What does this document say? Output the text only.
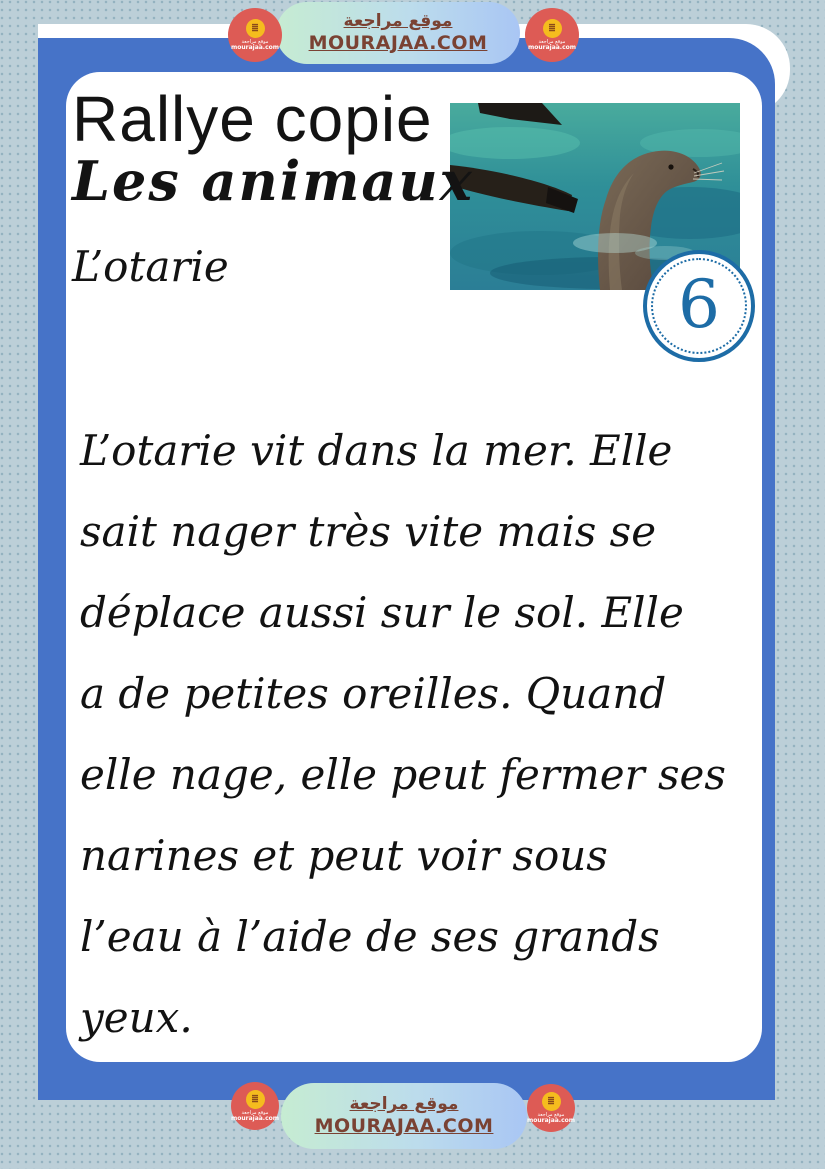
موقع مراجعة
MOURAJAA.COM
≣
موقع مراجعة
mourajaa.com
≣
موقع مراجعة
mourajaa.com
Rallye copie
Les animaux
L’otarie	6
L’otarie vit dans la mer. Elle
sait nager très vite mais se
déplace aussi sur le sol. Elle
a de petites oreilles. Quand
elle nage, elle peut fermer ses
narines et peut voir sous
l’eau à l’aide de ses grands
yeux.
موقع مراجعة
MOURAJAA.COM
≣
موقع مراجعة
mourajaa.com
≣
موقع مراجعة
mourajaa.com
